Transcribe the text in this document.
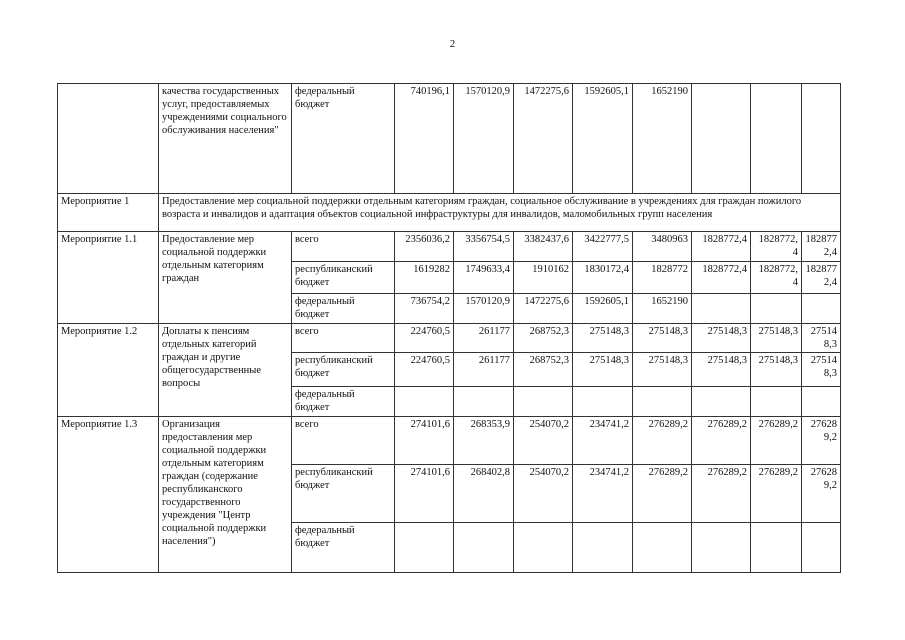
2
	качества государственных услуг, предоставляемых учреждениями социального обслуживания населения"	федеральный бюджет	740196,1	1570120,9	1472275,6	1592605,1	1652190			
Мероприятие 1	Предоставление мер социальной поддержки отдельным категориям граждан, социальное обслуживание в учреждениях для граждан пожилого возраста и инвалидов и адаптация объектов социальной инфраструктуры для инвалидов, маломобильных групп населения									
Мероприятие 1.1	Предоставление мер социальной поддержки отдельным категориям граждан	всего	2356036,2	3356754,5	3382437,6	3422777,5	3480963	1828772,4	1828772,4	1828772,4
		республиканский бюджет	1619282	1749633,4	1910162	1830172,4	1828772	1828772,4	1828772,4	1828772,4
		федеральный бюджет	736754,2	1570120,9	1472275,6	1592605,1	1652190			
Мероприятие 1.2	Доплаты к пенсиям отдельных категорий граждан и другие общегосударственные вопросы	всего	224760,5	261177	268752,3	275148,3	275148,3	275148,3	275148,3	275148,3
		республиканский бюджет	224760,5	261177	268752,3	275148,3	275148,3	275148,3	275148,3	275148,3
		федеральный бюджет								
Мероприятие 1.3	Организация предоставления мер социальной поддержки отдельным категориям граждан (содержание республиканского государственного учреждения "Центр социальной поддержки населения")	всего	274101,6	268353,9	254070,2	234741,2	276289,2	276289,2	276289,2	276289,2
		республиканский бюджет	274101,6	268402,8	254070,2	234741,2	276289,2	276289,2	276289,2	276289,2
		федеральный бюджет								
